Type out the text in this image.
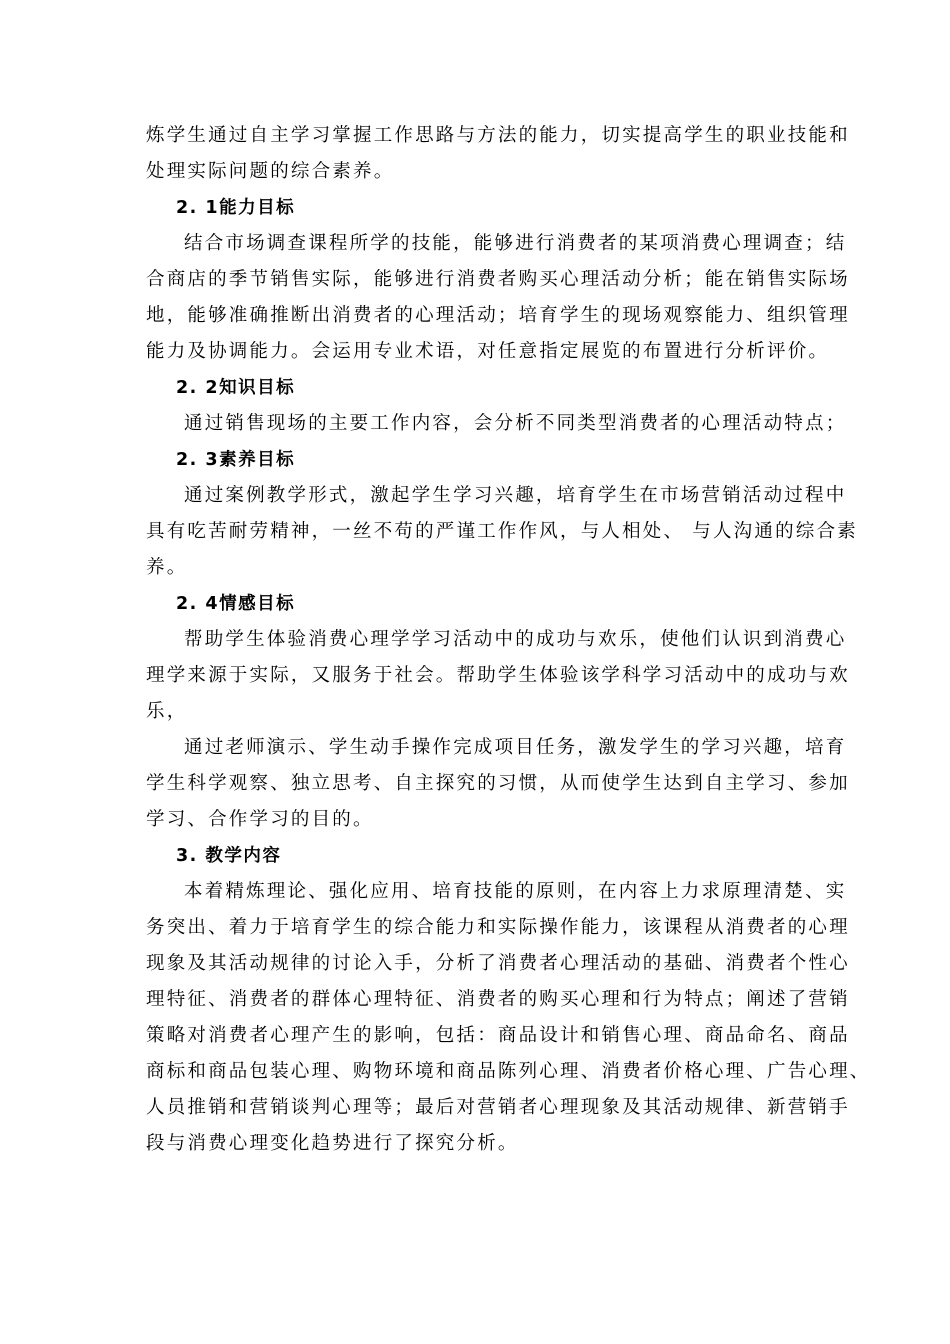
炼学生通过自主学习掌握工作思路与方法的能力，切实提高学生的职业技能和
处理实际问题的综合素养。
2. 1能力目标
结合市场调查课程所学的技能，能够进行消费者的某项消费心理调查；结
合商店的季节销售实际，能够进行消费者购买心理活动分析；能在销售实际场
地，能够准确推断出消费者的心理活动；培育学生的现场观察能力、组织管理
能力及协调能力。会运用专业术语，对任意指定展览的布置进行分析评价。
2. 2知识目标
通过销售现场的主要工作内容，会分析不同类型消费者的心理活动特点；
2. 3素养目标
通过案例教学形式，激起学生学习兴趣，培育学生在市场营销活动过程中
具有吃苦耐劳精神，一丝不苟的严谨工作作风，与人相处、 与人沟通的综合素
养。
2. 4情感目标
帮助学生体验消费心理学学习活动中的成功与欢乐，使他们认识到消费心
理学来源于实际，又服务于社会。帮助学生体验该学科学习活动中的成功与欢
乐，
通过老师演示、学生动手操作完成项目任务，激发学生的学习兴趣，培育
学生科学观察、独立思考、自主探究的习惯，从而使学生达到自主学习、参加
学习、合作学习的目的。
3. 教学内容
本着精炼理论、强化应用、培育技能的原则，在内容上力求原理清楚、实
务突出、着力于培育学生的综合能力和实际操作能力，该课程从消费者的心理
现象及其活动规律的讨论入手，分析了消费者心理活动的基础、消费者个性心
理特征、消费者的群体心理特征、消费者的购买心理和行为特点；阐述了营销
策略对消费者心理产生的影响，包括：商品设计和销售心理、商品命名、商品
商标和商品包装心理、购物环境和商品陈列心理、消费者价格心理、广告心理、
人员推销和营销谈判心理等；最后对营销者心理现象及其活动规律、新营销手
段与消费心理变化趋势进行了探究分析。
